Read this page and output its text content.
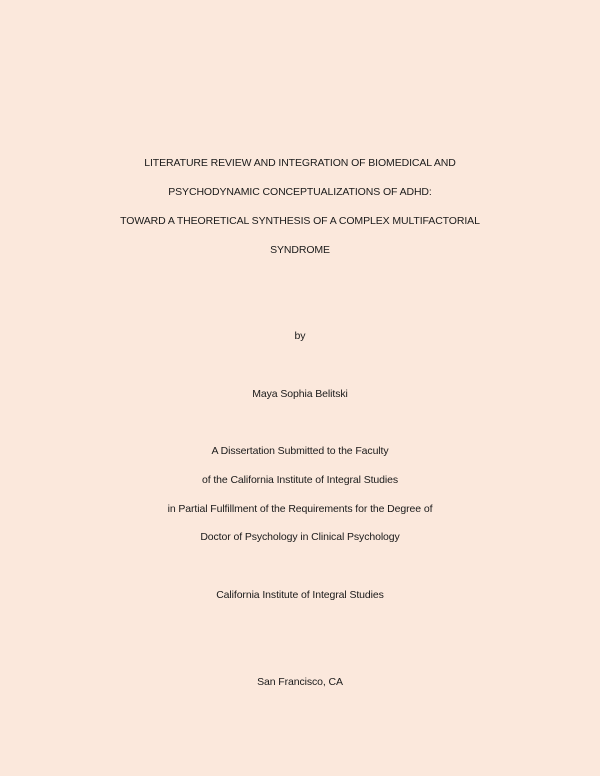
LITERATURE REVIEW AND INTEGRATION OF BIOMEDICAL AND
PSYCHODYNAMIC CONCEPTUALIZATIONS OF ADHD:
TOWARD A THEORETICAL SYNTHESIS OF A COMPLEX MULTIFACTORIAL
SYNDROME
by
Maya Sophia Belitski
A Dissertation Submitted to the Faculty
of the California Institute of Integral Studies
in Partial Fulfillment of the Requirements for the Degree of
Doctor of Psychology in Clinical Psychology
California Institute of Integral Studies
San Francisco, CA
